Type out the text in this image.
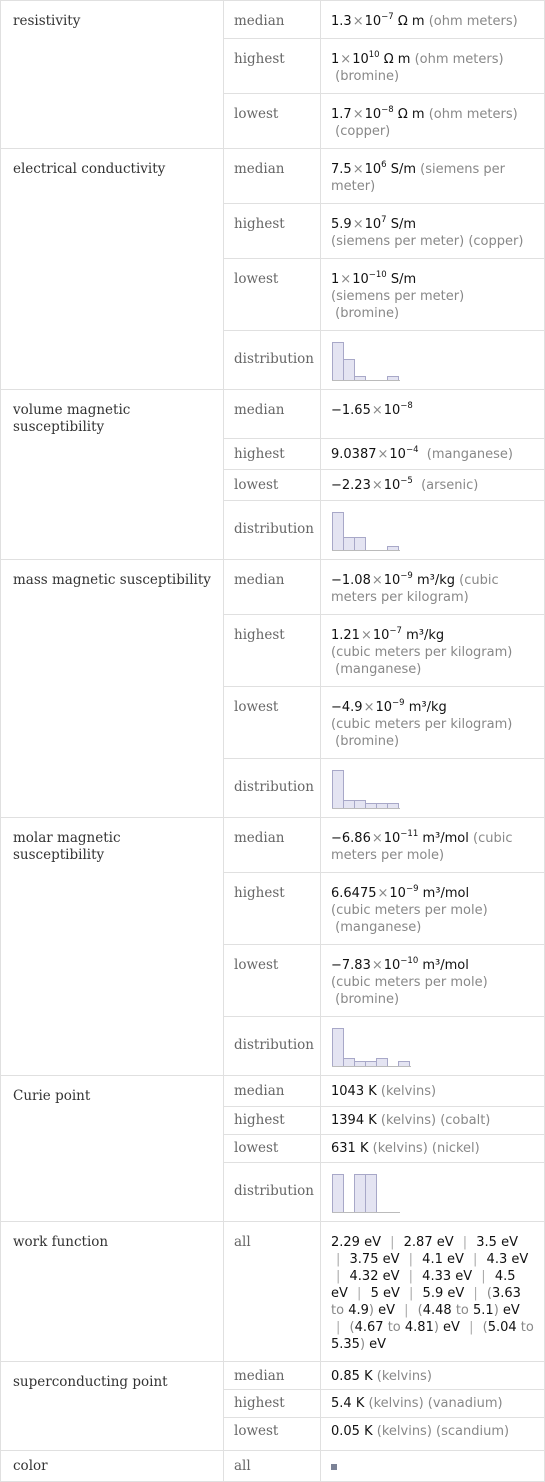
resistivity	median	$1.3\times 10^{-7}$ Ω m (ohm meters)
	highest	$1\times 10^{10}$ Ω m (ohm meters)
(bromine)
	lowest	$1.7\times 10^{-8}$ Ω m (ohm meters)
(copper)
electrical conductivity	median	$7.5\times 10^6$ S/m (siemens per meter)
	highest	$5.9\times 10^7$ S/m
(siemens per meter) (copper)
	lowest	$1\times 10^{-10}$ S/m
(siemens per meter)
(bromine)
	distribution	

volume magnetic susceptibility	median	$-1.65\times 10^{-8}$
	highest	$9.0387\times 10^{-4}$ (manganese)
	lowest	$-2.23\times 10^{-5}$ (arsenic)
	distribution	

mass magnetic susceptibility	median	$-1.08\times 10^{-9}$ m³/kg (cubic meters per kilogram)
	highest	$1.21\times 10^{-7}$ m³/kg
(cubic meters per kilogram)
(manganese)
	lowest	$-4.9\times 10^{-9}$ m³/kg
(cubic meters per kilogram)
(bromine)
	distribution	

molar magnetic susceptibility	median	$-6.86\times 10^{-11}$ m³/mol (cubic meters per mole)
	highest	$6.6475\times 10^{-9}$ m³/mol
(cubic meters per mole)
(manganese)
	lowest	$-7.83\times 10^{-10}$ m³/mol
(cubic meters per mole)
(bromine)
	distribution	

Curie point	median	1043 K (kelvins)
	highest	1394 K (kelvins) (cobalt)
	lowest	631 K (kelvins) (nickel)
	distribution	

work function	all	2.29 eV | 2.87 eV | 3.5 eV | 3.75 eV | 4.1 eV | 4.3 eV | 4.32 eV | 4.33 eV | 4.5 eV | 5 eV | 5.9 eV | (3.63 to 4.9) eV | (4.48 to 5.1) eV | (4.67 to 4.81) eV | (5.04 to 5.35) eV
superconducting point	median	0.85 K (kelvins)
	highest	5.4 K (kelvins) (vanadium)
	lowest	0.05 K (kelvins) (scandium)
color	all	
